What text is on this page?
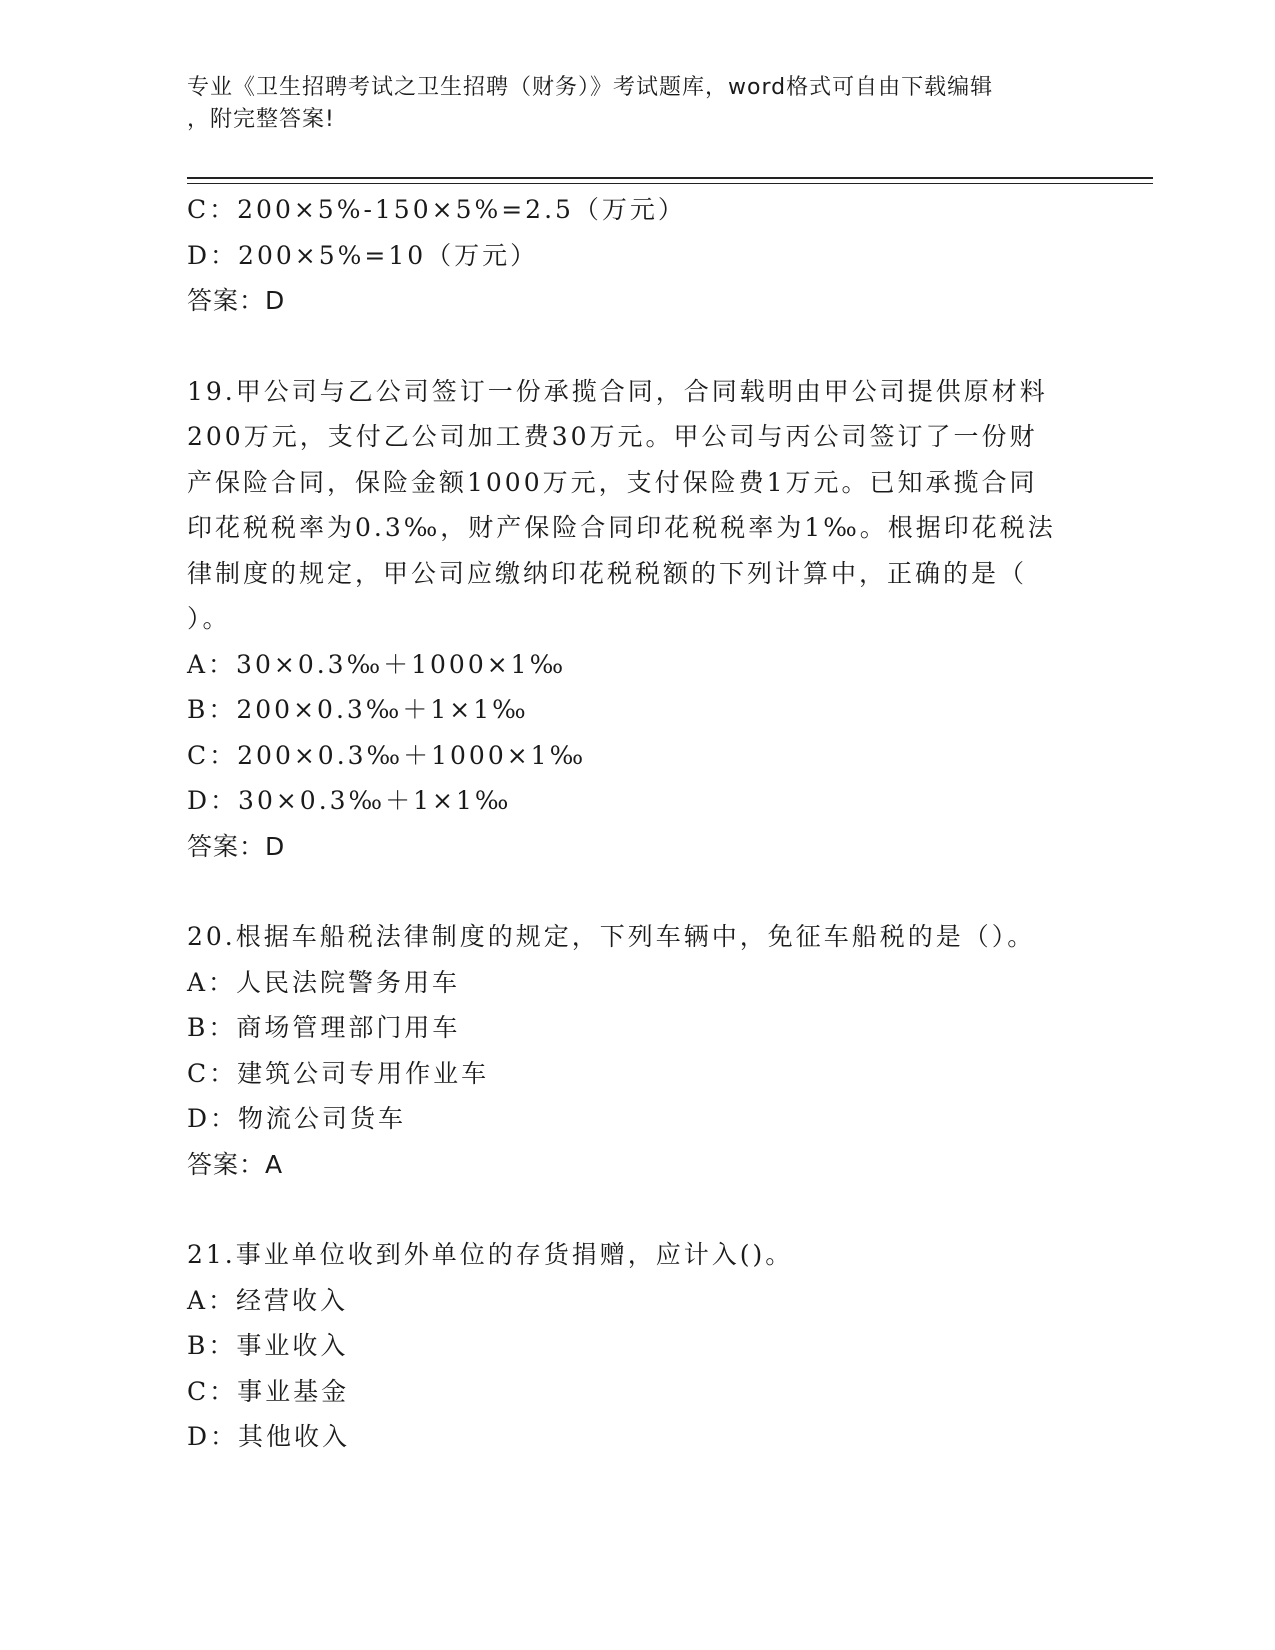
专业《卫生招聘考试之卫生招聘（财务）》考试题库，word格式可自由下载编辑
，附完整答案!
C：200×5%-150×5%=2.5（万元）
D：200×5%=10（万元）
答案：D
19.甲公司与乙公司签订一份承揽合同，合同载明由甲公司提供原材料
200万元，支付乙公司加工费30万元。甲公司与丙公司签订了一份财
产保险合同，保险金额1000万元，支付保险费1万元。已知承揽合同
印花税税率为0.3‰，财产保险合同印花税税率为1‰。根据印花税法
律制度的规定，甲公司应缴纳印花税税额的下列计算中，正确的是（
）。
A：30×0.3‰＋1000×1‰
B：200×0.3‰＋1×1‰
C：200×0.3‰＋1000×1‰
D：30×0.3‰＋1×1‰
答案：D
20.根据车船税法律制度的规定，下列车辆中，免征车船税的是（）。
A：人民法院警务用车
B：商场管理部门用车
C：建筑公司专用作业车
D：物流公司货车
答案：A
21.事业单位收到外单位的存货捐赠，应计入()。
A：经营收入
B：事业收入
C：事业基金
D：其他收入
